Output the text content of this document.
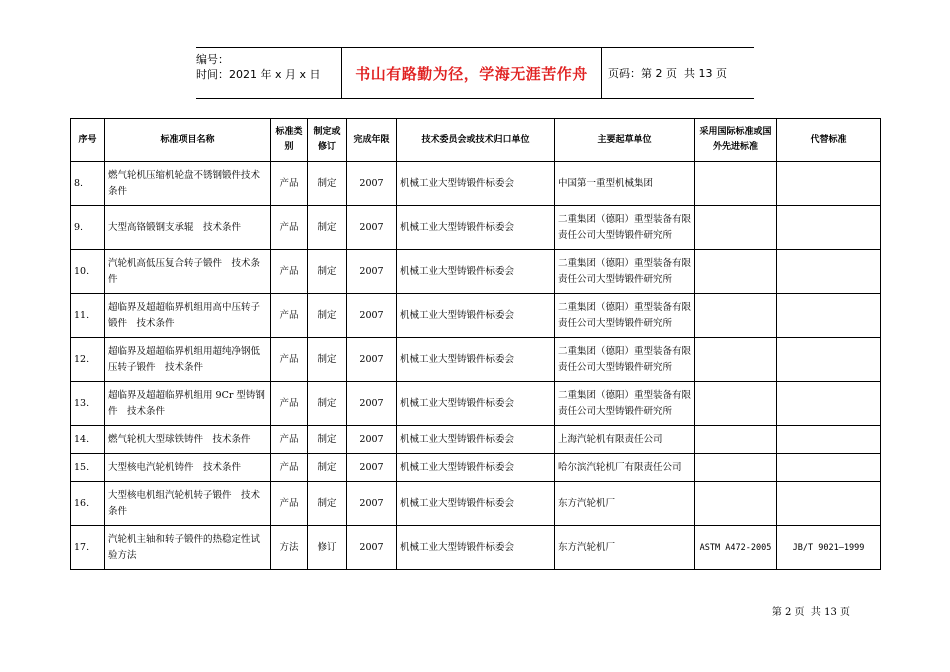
编号：
时间：2021 年 x 月 x 日	书山有路勤为径，学海无涯苦作舟	页码：第 2 页  共 13 页
序号	标准项目名称	标准类别	制定或修订	完成年限	技术委员会或技术归口单位	主要起草单位	采用国际标准或国外先进标准	代替标准
8.	燃气轮机压缩机轮盘不锈钢锻件技术条件	产品	制定	2007	机械工业大型铸锻件标委会	中国第一重型机械集团		
9.	大型高铬锻钢支承辊　技术条件	产品	制定	2007	机械工业大型铸锻件标委会	二重集团（德阳）重型装备有限责任公司大型铸锻件研究所		
10.	汽轮机高低压复合转子锻件　技术条件	产品	制定	2007	机械工业大型铸锻件标委会	二重集团（德阳）重型装备有限责任公司大型铸锻件研究所		
11.	超临界及超超临界机组用高中压转子锻件　技术条件	产品	制定	2007	机械工业大型铸锻件标委会	二重集团（德阳）重型装备有限责任公司大型铸锻件研究所		
12.	超临界及超超临界机组用超纯净钢低压转子锻件　技术条件	产品	制定	2007	机械工业大型铸锻件标委会	二重集团（德阳）重型装备有限责任公司大型铸锻件研究所		
13.	超临界及超超临界机组用 9Cr 型铸钢件　技术条件	产品	制定	2007	机械工业大型铸锻件标委会	二重集团（德阳）重型装备有限责任公司大型铸锻件研究所		
14.	燃气轮机大型球铁铸件　技术条件	产品	制定	2007	机械工业大型铸锻件标委会	上海汽轮机有限责任公司		
15.	大型核电汽轮机铸件　技术条件	产品	制定	2007	机械工业大型铸锻件标委会	哈尔滨汽轮机厂有限责任公司		
16.	大型核电机组汽轮机转子锻件　技术条件	产品	制定	2007	机械工业大型铸锻件标委会	东方汽轮机厂		
17.	汽轮机主轴和转子锻件的热稳定性试验方法	方法	修订	2007	机械工业大型铸锻件标委会	东方汽轮机厂	ASTM A472-2005	JB/T 9021—1999
第 2 页  共 13 页
